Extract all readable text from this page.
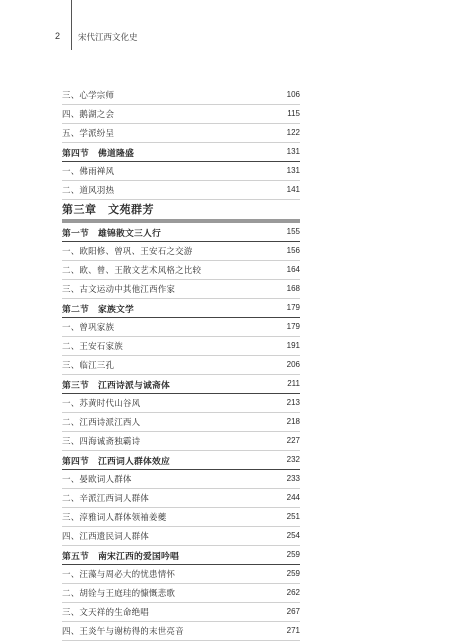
2 宋代江西文化史
三、心学宗师	106
四、鹅湖之会	115
五、学派纷呈	122
第四节　佛道隆盛	131
一、佛雨禅风	131
二、道风羽热	141
第三章　文苑群芳
第一节　雄锦散文三人行	155
一、欧阳修、曾巩、王安石之交游	156
二、欧、曾、王散文艺术风格之比较	164
三、古文运动中其他江西作家	168
第二节　家族文学	179
一、曾巩家族	179
二、王安石家族	191
三、临江三孔	206
第三节　江西诗派与诚斋体	211
一、苏黄时代山谷风	213
二、江西诗派江西人	218
三、四海诚斋独霸诗	227
第四节　江西词人群体效应	232
一、晏欧词人群体	233
二、辛派江西词人群体	244
三、淳雅词人群体领袖姜夔	251
四、江西遗民词人群体	254
第五节　南宋江西的爱国吟唱	259
一、汪藻与周必大的忧患情怀	259
二、胡铨与王庭珪的慷慨悲歌	262
三、文天祥的生命绝唱	267
四、王炎午与谢枋得的末世亮音	271
